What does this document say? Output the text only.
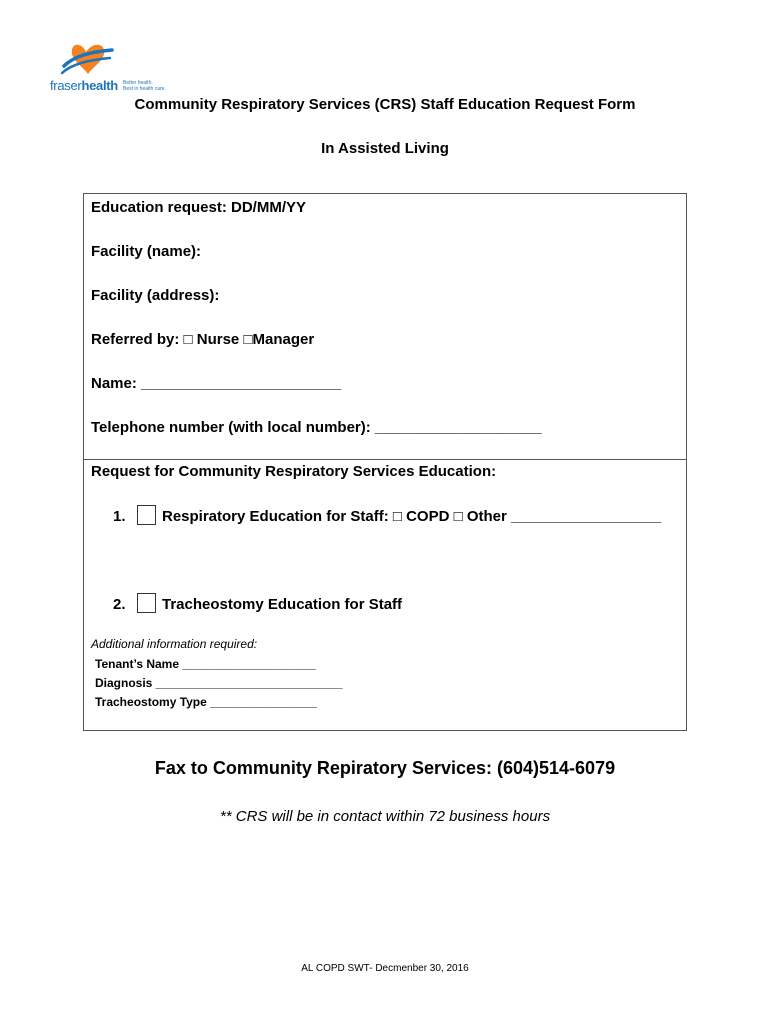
fraserhealth Better health.
Best in health care.
Community Respiratory Services (CRS) Staff Education Request Form
In Assisted Living
Education request: DD/MM/YY
Facility (name):
Facility (address):
Referred by: □ Nurse □Manager
Name: ________________________
Telephone number (with local number): ____________________
Request for Community Respiratory Services Education:
1. Respiratory Education for Staff: □ COPD □ Other __________________
2. Tracheostomy Education for Staff
Additional information required:
Tenant’s Name ____________________
Diagnosis ____________________________
Tracheostomy Type ________________
Fax to Community Repiratory Services: (604)514-6079
** CRS will be in contact within 72 business hours
AL COPD SWT- Decmenber 30, 2016
